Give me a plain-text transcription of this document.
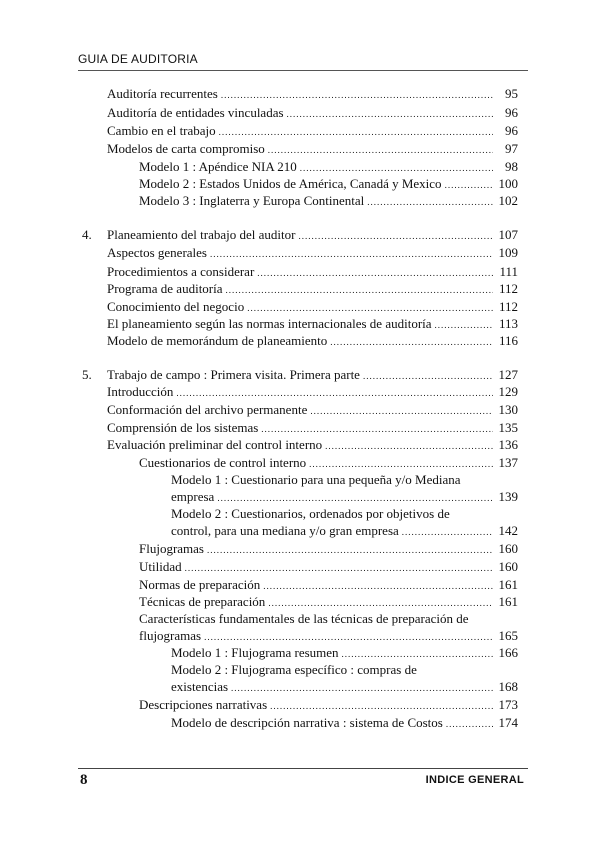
GUIA DE AUDITORIA
Auditoría recurrentes .....	95
Auditoría de entidades vinculadas .....	96
Cambio en el trabajo .....	96
Modelos de carta compromiso .....	97
Modelo 1 : Apéndice NIA 210 .....	98
Modelo 2 : Estados Unidos de América, Canadá y Mexico .....	100
Modelo 3 : Inglaterra y Europa Continental .....	102
4. Planeamiento del trabajo del auditor .....	107
Aspectos generales .....	109
Procedimientos a considerar .....	111
Programa de auditoría .....	112
Conocimiento del negocio .....	112
El planeamiento según las normas internacionales de auditoría .....	113
Modelo de memorándum de planeamiento .....	116
5. Trabajo de campo : Primera visita. Primera parte .....	127
Introducción .....	129
Conformación del archivo permanente .....	130
Comprensión de los sistemas .....	135
Evaluación preliminar del control interno .....	136
Cuestionarios de control interno .....	137
Modelo 1 : Cuestionario para una pequeña y/o Mediana
empresa .....	139
Modelo 2 : Cuestionarios, ordenados por objetivos de
control, para una mediana y/o gran empresa .....	142
Flujogramas .....	160
Utilidad .....	160
Normas de preparación .....	161
Técnicas de preparación .....	161
Características fundamentales de las técnicas de preparación de
flujogramas .....	165
Modelo 1 : Flujograma resumen .....	166
Modelo 2 : Flujograma específico : compras de
existencias .....	168
Descripciones narrativas .....	173
Modelo de descripción narrativa : sistema de Costos .....	174
8	INDICE GENERAL
